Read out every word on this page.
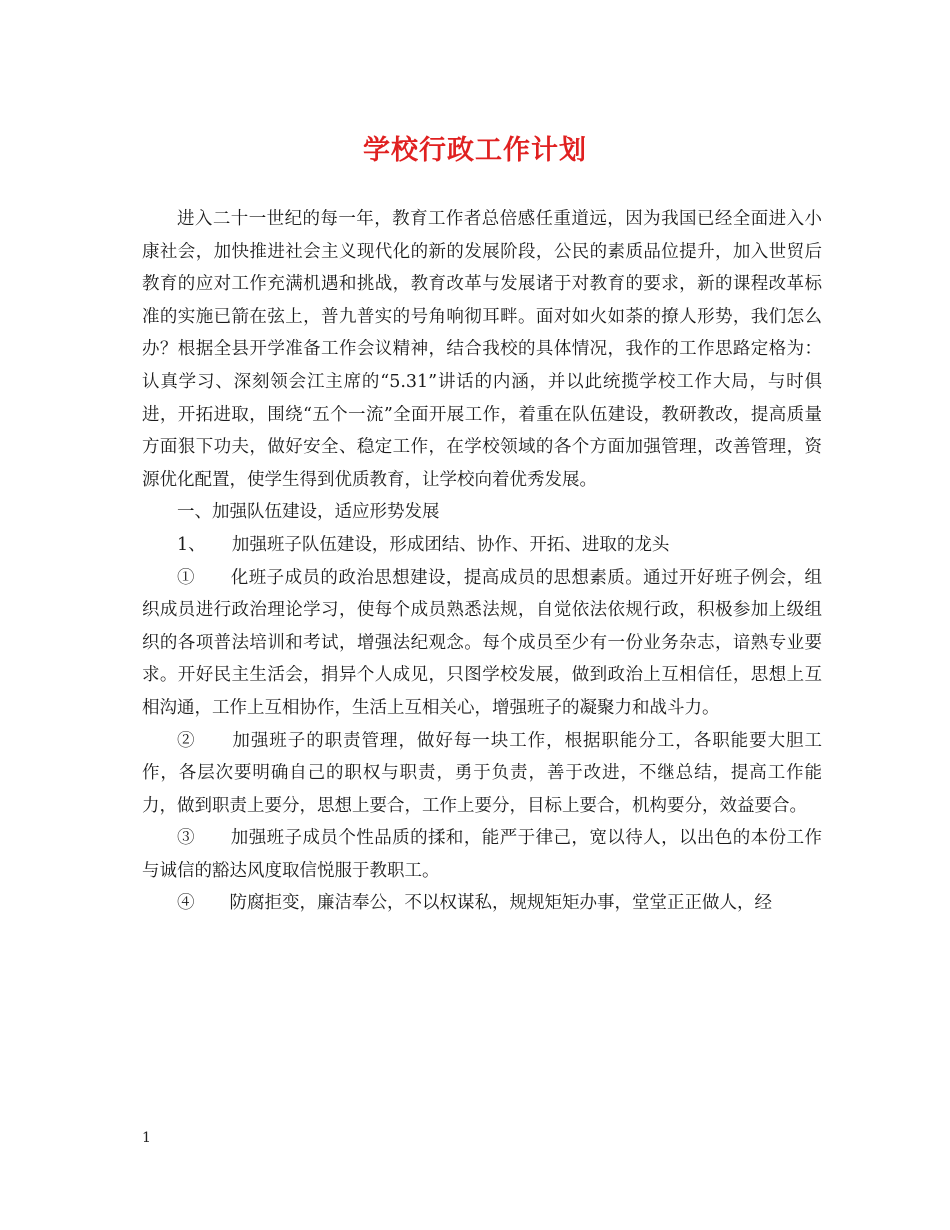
学校行政工作计划

进入二十一世纪的每一年，教育工作者总倍感任重道远，因为我国已经全面进入小康社会，加快推进社会主义现代化的新的发展阶段，公民的素质品位提升，加入世贸后教育的应对工作充满机遇和挑战，教育改革与发展诸于对教育的要求，新的课程改革标准的实施已箭在弦上，普九普实的号角响彻耳畔。面对如火如荼的撩人形势，我们怎么办？根据全县开学准备工作会议精神，结合我校的具体情况，我作的工作思路定格为：认真学习、深刻领会江主席的“5.31”讲话的内涵，并以此统揽学校工作大局，与时俱进，开拓进取，围绕“五个一流”全面开展工作，着重在队伍建设，教研教改，提高质量方面狠下功夫，做好安全、稳定工作，在学校领域的各个方面加强管理，改善管理，资源优化配置，使学生得到优质教育，让学校向着优秀发展。

一、加强队伍建设，适应形势发展

1、　　加强班子队伍建设，形成团结、协作、开拓、进取的龙头

①　　化班子成员的政治思想建设，提高成员的思想素质。通过开好班子例会，组织成员进行政治理论学习，使每个成员熟悉法规，自觉依法依规行政，积极参加上级组织的各项普法培训和考试，增强法纪观念。每个成员至少有一份业务杂志，谙熟专业要求。开好民主生活会，捐异个人成见，只图学校发展，做到政治上互相信任，思想上互相沟通，工作上互相协作，生活上互相关心，增强班子的凝聚力和战斗力。

②　　加强班子的职责管理，做好每一块工作，根据职能分工，各职能要大胆工作，各层次要明确自己的职权与职责，勇于负责，善于改进，不继总结，提高工作能力，做到职责上要分，思想上要合，工作上要分，目标上要合，机构要分，效益要合。

③　　加强班子成员个性品质的揉和，能严于律己，宽以待人，以出色的本份工作与诚信的豁达风度取信悦服于教职工。

④　　防腐拒变，廉洁奉公，不以权谋私，规规矩矩办事，堂堂正正做人，经

1
